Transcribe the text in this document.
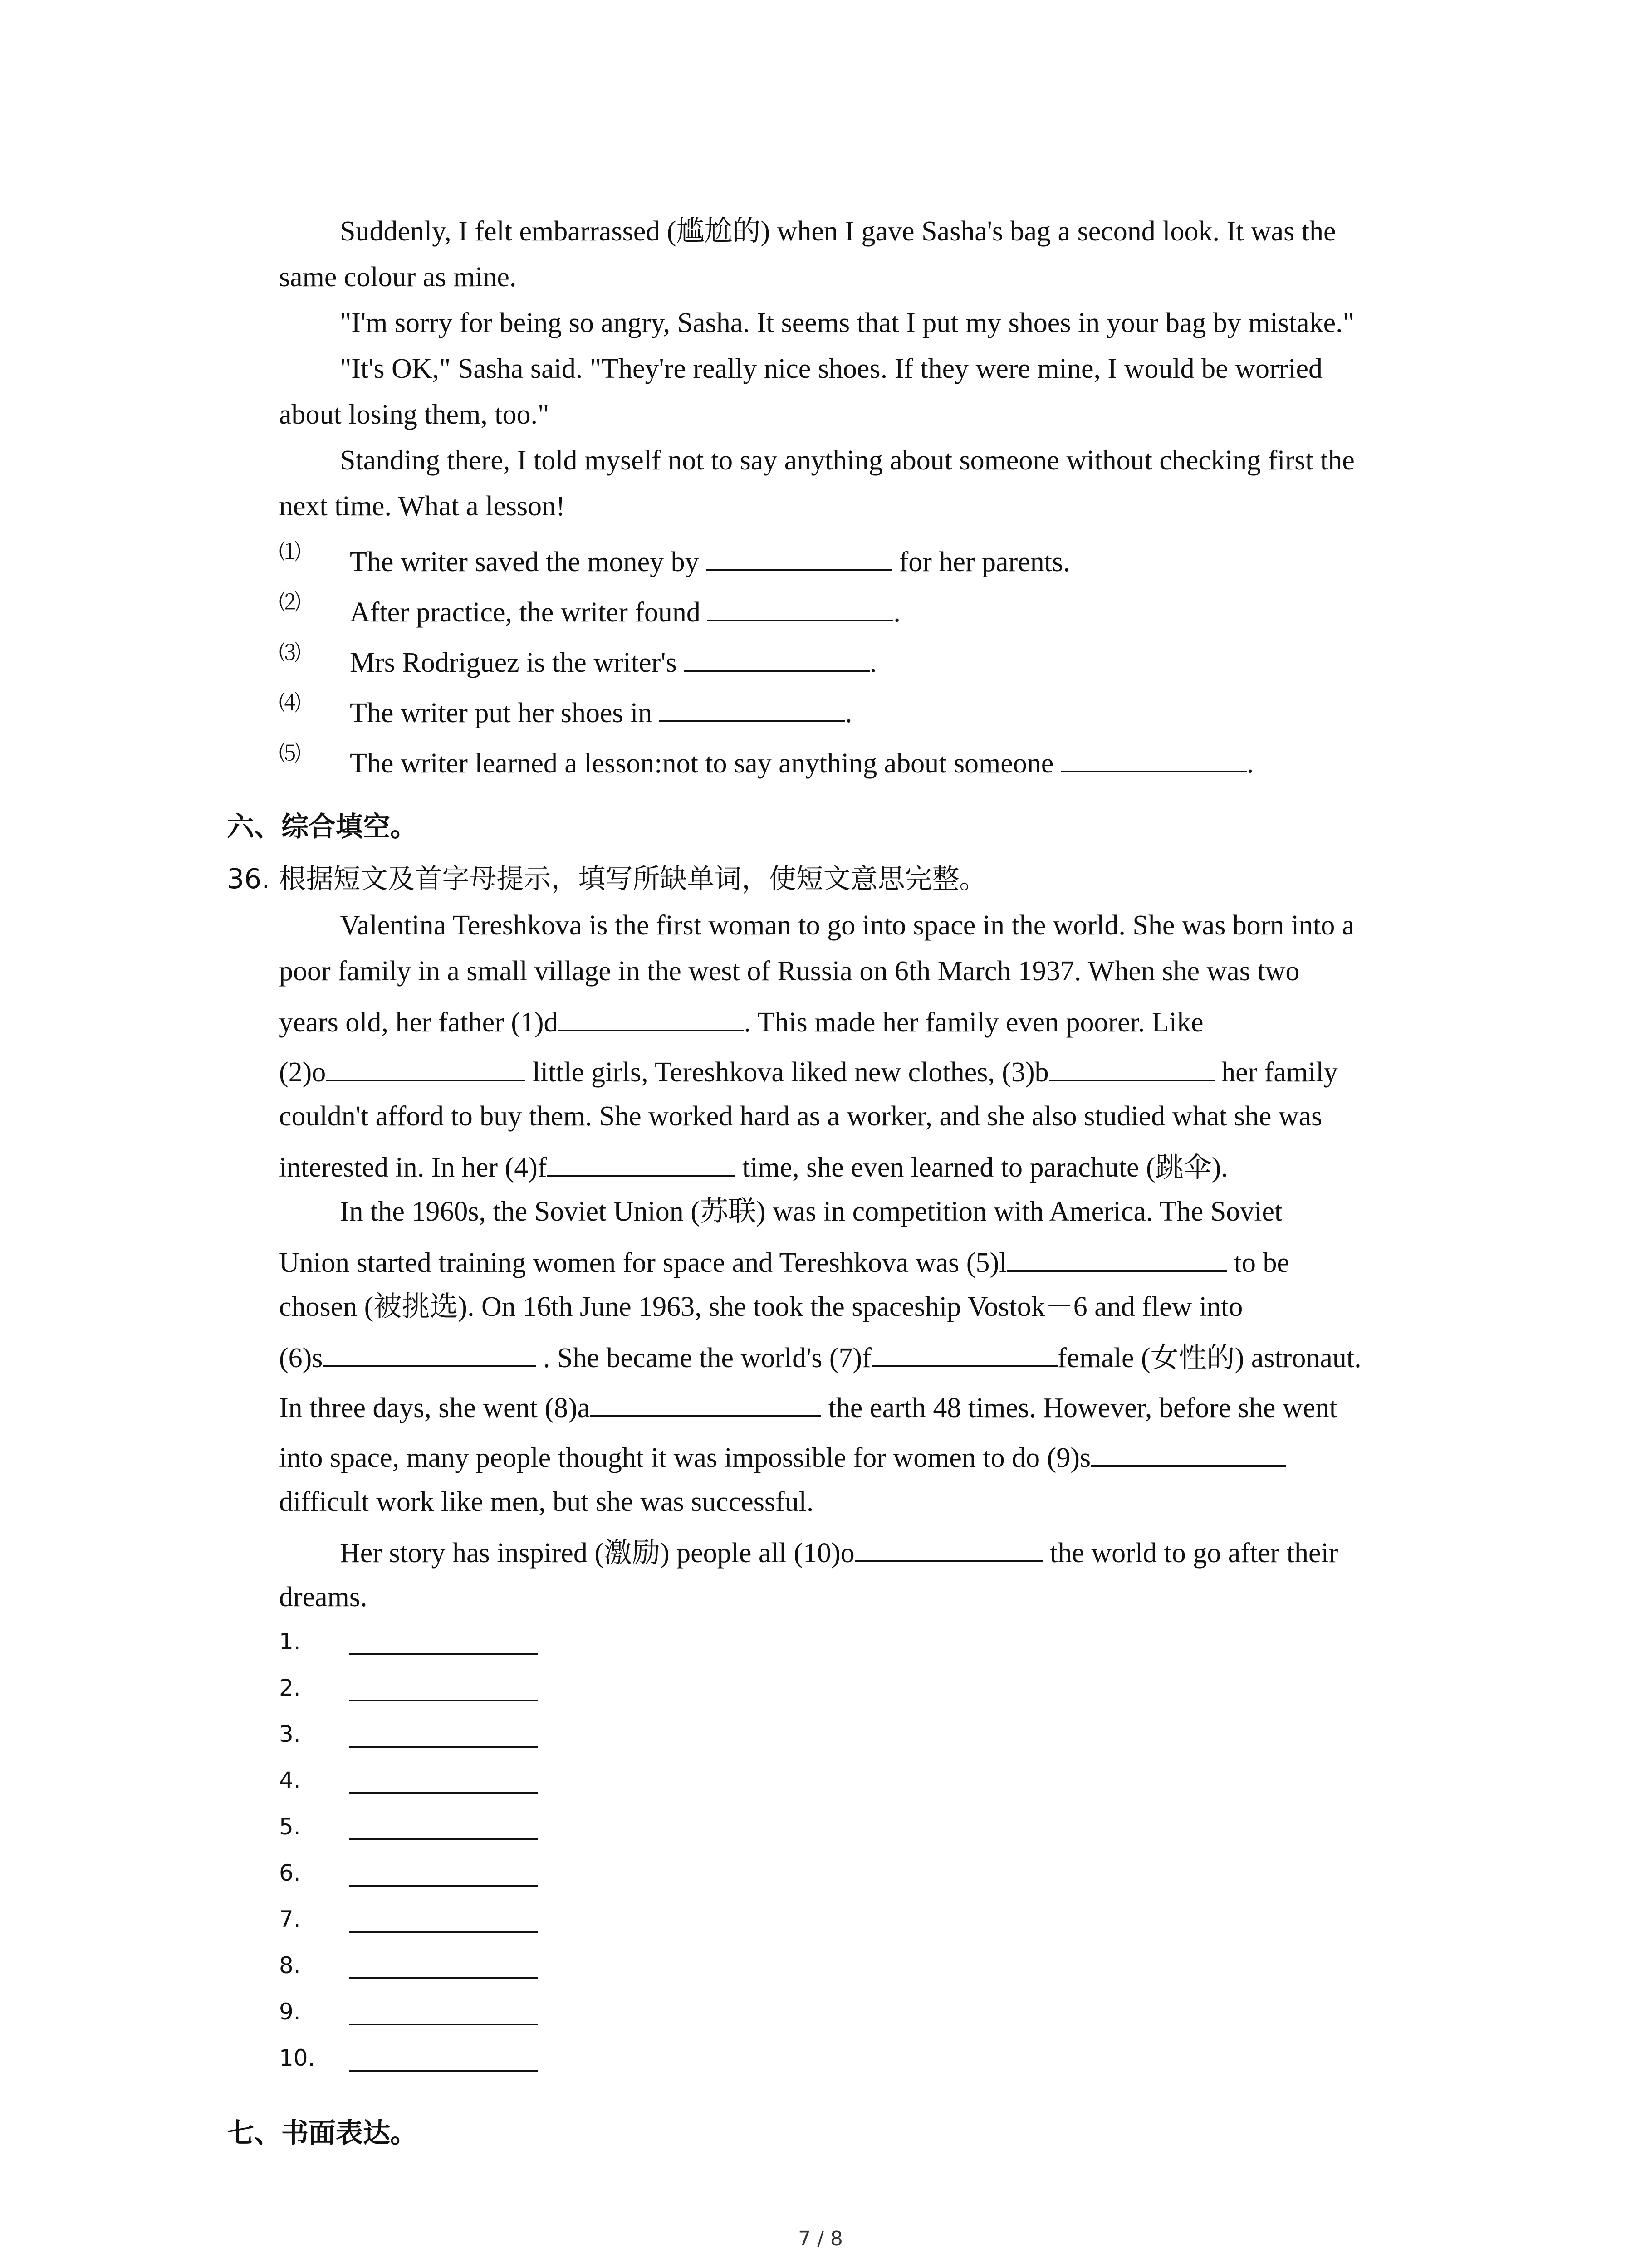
Suddenly, I felt embarrassed (尴尬的) when I gave Sasha's bag a second look. It was the

same colour as mine.

"I'm sorry for being so angry, Sasha. It seems that I put my shoes in your bag by mistake."

"It's OK," Sasha said. "They're really nice shoes. If they were mine, I would be worried

about losing them, too."

Standing there, I told myself not to say anything about someone without checking first the

next time. What a lesson!

⑴ The writer saved the money by	for her parents.
⑵ After practice, the writer found	.
⑶ Mrs Rodriguez is the writer's	.
⑷ The writer put her shoes in	.
⑸ The writer learned a lesson:not to say anything about someone	.
六、综合填空。
36. 根据短文及首字母提示，填写所缺单词，使短文意思完整。

Valentina Tereshkova is the first woman to go into space in the world. She was born into a

poor family in a small village in the west of Russia on 6th March 1937. When she was two

years old, her father (1)d	. This made her family even poorer. Like

(2)o	little girls, Tereshkova liked new clothes, (3)b	her family

couldn't afford to buy them. She worked hard as a worker, and she also studied what she was

interested in. In her (4)f	time, she even learned to parachute (跳伞).

In the 1960s, the Soviet Union (苏联) was in competition with America. The Soviet

Union started training women for space and Tereshkova was (5)l	to be

chosen (被挑选). On 16th June 1963, she took the spaceship Vostok－6 and flew into

(6)s	. She became the world's (7)f	female (女性的) astronaut.

In three days, she went (8)a	the earth 48 times. However, before she went

into space, many people thought it was impossible for women to do (9)s

difficult work like men, but she was successful.

Her story has inspired (激励) people all (10)o	the world to go after their

dreams.

1.
2.
3.
4.
5.
6.
7.
8.
9.
10.
七、书面表达。
7 / 8
